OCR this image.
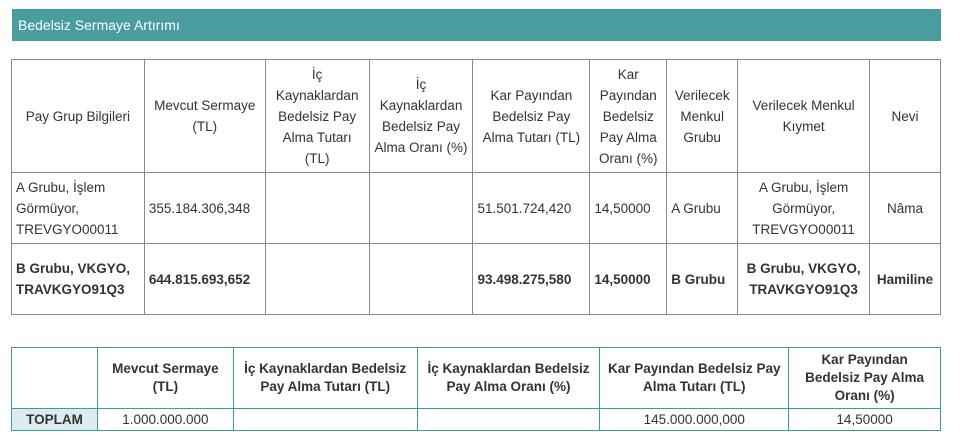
Bedelsiz Sermaye Artırımı
Pay Grup Bilgileri	Mevcut Sermaye (TL)	İç Kaynaklardan Bedelsiz Pay Alma Tutarı (TL)	İç Kaynaklardan Bedelsiz Pay Alma Oranı (%)	Kar Payından Bedelsiz Pay Alma Tutarı (TL)	Kar Payından Bedelsiz Pay Alma Oranı (%)	Verilecek Menkul Grubu	Verilecek Menkul Kıymet	Nevi
A Grubu, İşlem Görmüyor, TREVGYO00011	355.184.306,348			51.501.724,420	14,50000	A Grubu	A Grubu, İşlem Görmüyor, TREVGYO00011	Nâma
B Grubu, VKGYO, TRAVKGYO91Q3	644.815.693,652			93.498.275,580	14,50000	B Grubu	B Grubu, VKGYO, TRAVKGYO91Q3	Hamiline
	Mevcut Sermaye (TL)	İç Kaynaklardan Bedelsiz Pay Alma Tutarı (TL)	İç Kaynaklardan Bedelsiz Pay Alma Oranı (%)	Kar Payından Bedelsiz Pay Alma Tutarı (TL)	Kar Payından Bedelsiz Pay Alma Oranı (%)
TOPLAM	1.000.000.000			145.000.000,000	14,50000
